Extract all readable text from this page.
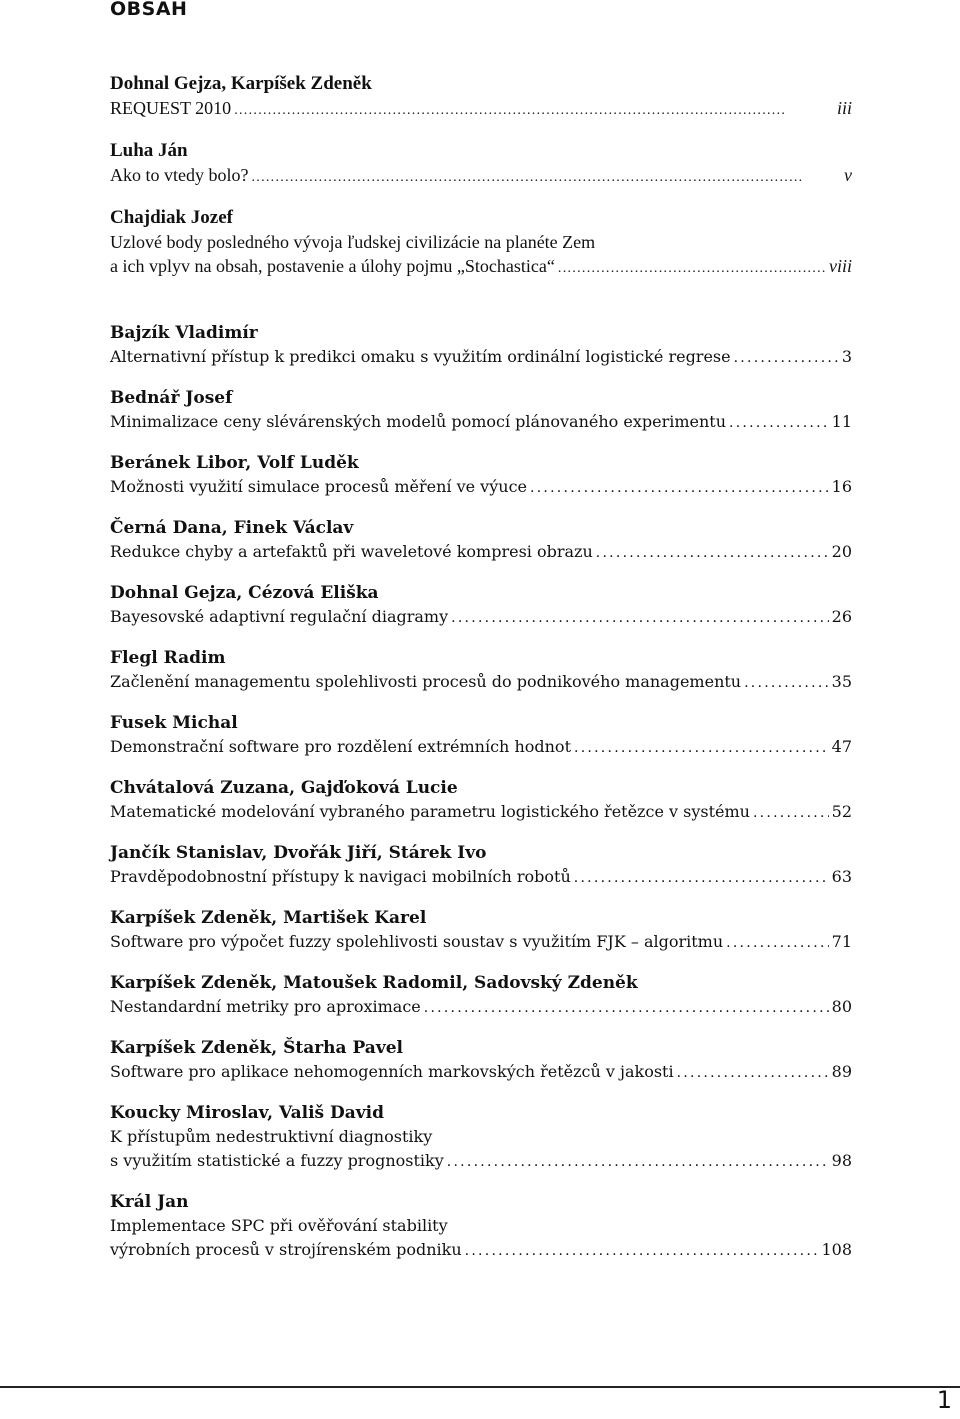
OBSAH
Dohnal Gejza, Karpíšek Zdeněk
REQUEST 2010 . . .	iii
Luha Ján
Ako to vtedy bolo? . . .	v
Chajdiak Jozef
Uzlové body posledného vývoja ľudskej civilizácie na planéte Zem
a ich vplyv na obsah, postavenie a úlohy pojmu „Stochastica“ . . .	viii
Bajzík Vladimír
Alternativní přístup k predikci omaku s využitím ordinální logistické regrese . . .	3
Bednář Josef
Minimalizace ceny slévárenských modelů pomocí plánovaného experimentu . . .	11
Beránek Libor, Volf Luděk
Možnosti využití simulace procesů měření ve výuce . . .	16
Černá Dana, Finek Václav
Redukce chyby a artefaktů při waveletové kompresi obrazu . . .	20
Dohnal Gejza, Cézová Eliška
Bayesovské adaptivní regulační diagramy . . .	26
Flegl Radim
Začlenění managementu spolehlivosti procesů do podnikového managementu . . .	35
Fusek Michal
Demonstrační software pro rozdělení extrémních hodnot . . .	47
Chvátalová Zuzana, Gajďoková Lucie
Matematické modelování vybraného parametru logistického řetězce v systému . . .	52
Jančík Stanislav, Dvořák Jiří, Stárek Ivo
Pravděpodobnostní přístupy k navigaci mobilních robotů . . .	63
Karpíšek Zdeněk, Martišek Karel
Software pro výpočet fuzzy spolehlivosti soustav s využitím FJK – algoritmu . . .	71
Karpíšek Zdeněk, Matoušek Radomil, Sadovský Zdeněk
Nestandardní metriky pro aproximace . . .	80
Karpíšek Zdeněk, Štarha Pavel
Software pro aplikace nehomogenních markovských řetězců v jakosti . . .	89
Koucky Miroslav, Vališ David
K přístupům nedestruktivní diagnostiky
s využitím statistické a fuzzy prognostiky . . .	98
Král Jan
Implementace SPC při ověřování stability
výrobních procesů v strojírenském podniku . . .	108
1
